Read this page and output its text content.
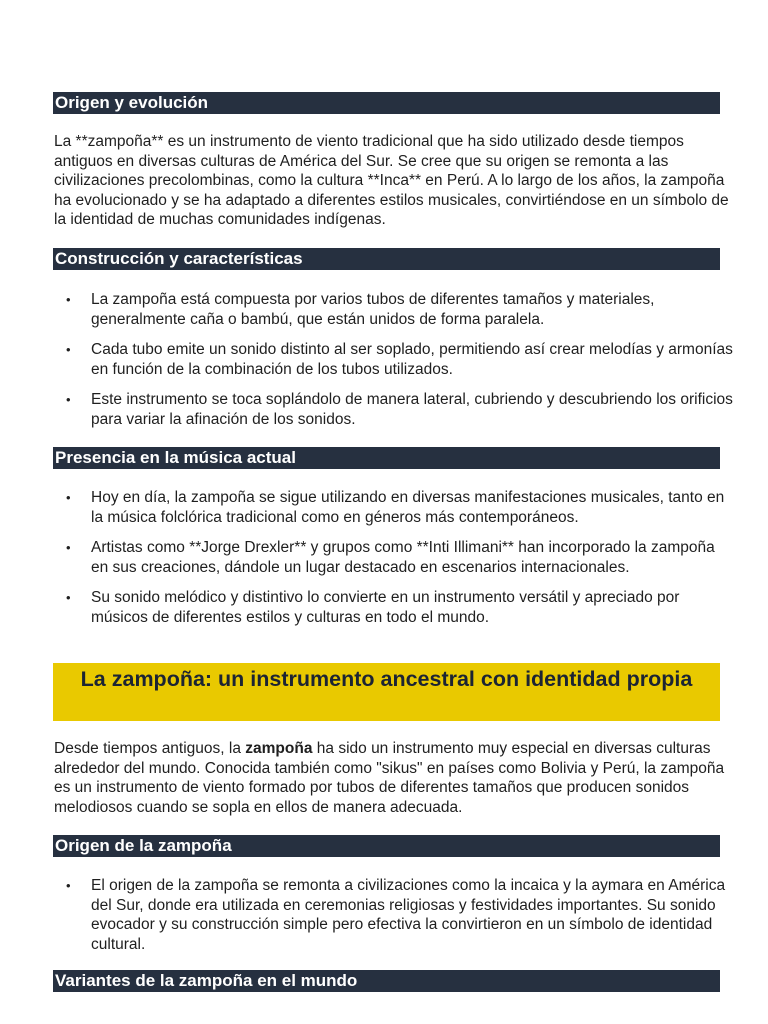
Origen y evolución

La **zampoña** es un instrumento de viento tradicional que ha sido utilizado desde tiempos antiguos en diversas culturas de América del Sur. Se cree que su origen se remonta a las civilizaciones precolombinas, como la cultura **Inca** en Perú. A lo largo de los años, la zampoña ha evolucionado y se ha adaptado a diferentes estilos musicales, convirtiéndose en un símbolo de la identidad de muchas comunidades indígenas.

Construcción y características
• La zampoña está compuesta por varios tubos de diferentes tamaños y materiales, generalmente caña o bambú, que están unidos de forma paralela.
• Cada tubo emite un sonido distinto al ser soplado, permitiendo así crear melodías y armonías en función de la combinación de los tubos utilizados.
• Este instrumento se toca soplándolo de manera lateral, cubriendo y descubriendo los orificios para variar la afinación de los sonidos.
Presencia en la música actual
• Hoy en día, la zampoña se sigue utilizando en diversas manifestaciones musicales, tanto en la música folclórica tradicional como en géneros más contemporáneos.
• Artistas como **Jorge Drexler** y grupos como **Inti Illimani** han incorporado la zampoña en sus creaciones, dándole un lugar destacado en escenarios internacionales.
• Su sonido melódico y distintivo lo convierte en un instrumento versátil y apreciado por músicos de diferentes estilos y culturas en todo el mundo.
La zampoña: un instrumento ancestral con identidad propia

Desde tiempos antiguos, la zampoña ha sido un instrumento muy especial en diversas culturas alrededor del mundo. Conocida también como "sikus" en países como Bolivia y Perú, la zampoña es un instrumento de viento formado por tubos de diferentes tamaños que producen sonidos melodiosos cuando se sopla en ellos de manera adecuada.

Origen de la zampoña
• El origen de la zampoña se remonta a civilizaciones como la incaica y la aymara en América del Sur, donde era utilizada en ceremonias religiosas y festividades importantes. Su sonido evocador y su construcción simple pero efectiva la convirtieron en un símbolo de identidad cultural.
Variantes de la zampoña en el mundo
